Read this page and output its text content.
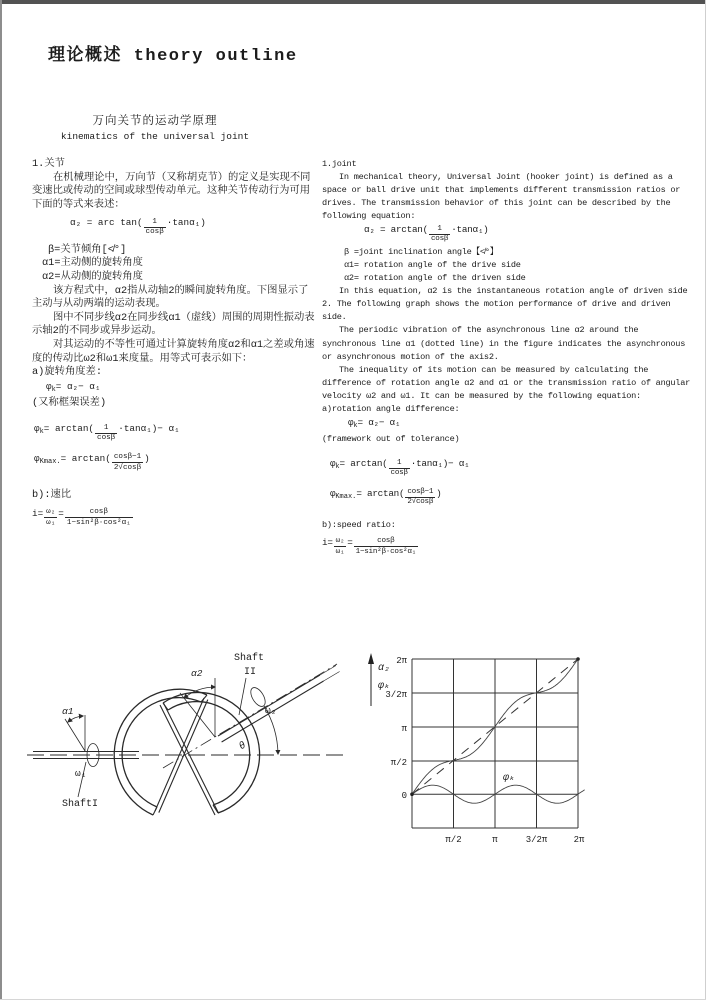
理论概述 theory outline
万向关节的运动学原理
kinematics of the universal joint

1.关节

在机械理论中，万向节（又称胡克节）的定义是实现不同变速比或传动的空间或球型传动单元。这种关节传动行为可用下面的等式来表述：

α₂ = arc $\tan( \frac{1}{\cos\beta} \cdot\tan\alpha_1)$
β=关节倾角[≮°]
α1=主动侧的旋转角度
α2=从动侧的旋转角度

该方程式中，α2指从动轴2的瞬间旋转角度。下图显示了主动与从动两端的运动表现。

图中不同步线α2在同步线α1（虚线）周围的周期性振动表示轴2的不同步或异步运动。

对其运动的不等性可通过计算旋转角度α2和α1之差或角速度的传动比ω2和ω1来度量。用等式可表示如下：

a)旋转角度差:

$\varphi_k= \alpha_2- \alpha_1$

(又称框架误差)

$\varphi_k= \arctan( \frac{1}{\cos\beta} \cdot\tan\alpha_1)- \alpha_1$
$\varphi_{Kmax.}= \arctan( \frac{\cos\beta-1}{2√\cos\beta}$ )

b):速比

$i= \frac{\text{ω₂}}{\text{ω₁}} = \frac{\cos\beta}{\text{1−sin²β·cos²α₁}}$

1.joint

In mechanical theory, Universal Joint (hooker joint) is defined as a space or ball drive unit that implements different transmission ratios or drives. The transmission behavior of this joint can be described by the following equation:

$\alpha_2 = \arctan( \frac{1}{\cos\beta} \cdot\tan\alpha_1)$
β =joint inclination angle【≮°】
α1= rotation angle of the drive side
α2= rotation angle of the driven side

In this equation, α2 is the instantaneous rotation angle of driven side 2. The following graph shows the motion performance of drive and driven side.

The periodic vibration of the asynchronous line α2 around the synchronous line α1 (dotted line) in the figure indicates the asynchronous or asynchronous motion of the axis2.

The inequality of its motion can be measured by calculating the difference of rotation angle α2 and α1 or the transmission ratio of angular velocity ω2 and ω1. It can be measured by the following equation:

a)rotation angle difference:

$\varphi_k= \alpha_2- \alpha_1$

(framework out of tolerance)

$\varphi_k= \arctan( \frac{1}{\cos\beta} \cdot\tan\alpha_1)- \alpha_1$
$\varphi_{Kmax.}= \arctan( \frac{\cos\beta-1}{2√\cos\beta}$ )

b):speed ratio:

$i= \frac{\text{ω₂}}{\text{ω₁}} = \frac{\cos\beta}{\text{1−sin²β·cos²α₁}}$
ω₁
ShaftI
α1
α2
Shaft
II
ω₂
θ
α₂
φₖ
2π
3/2π
π
π/2
0
π/2	π	3/2π	2π
φₖ
